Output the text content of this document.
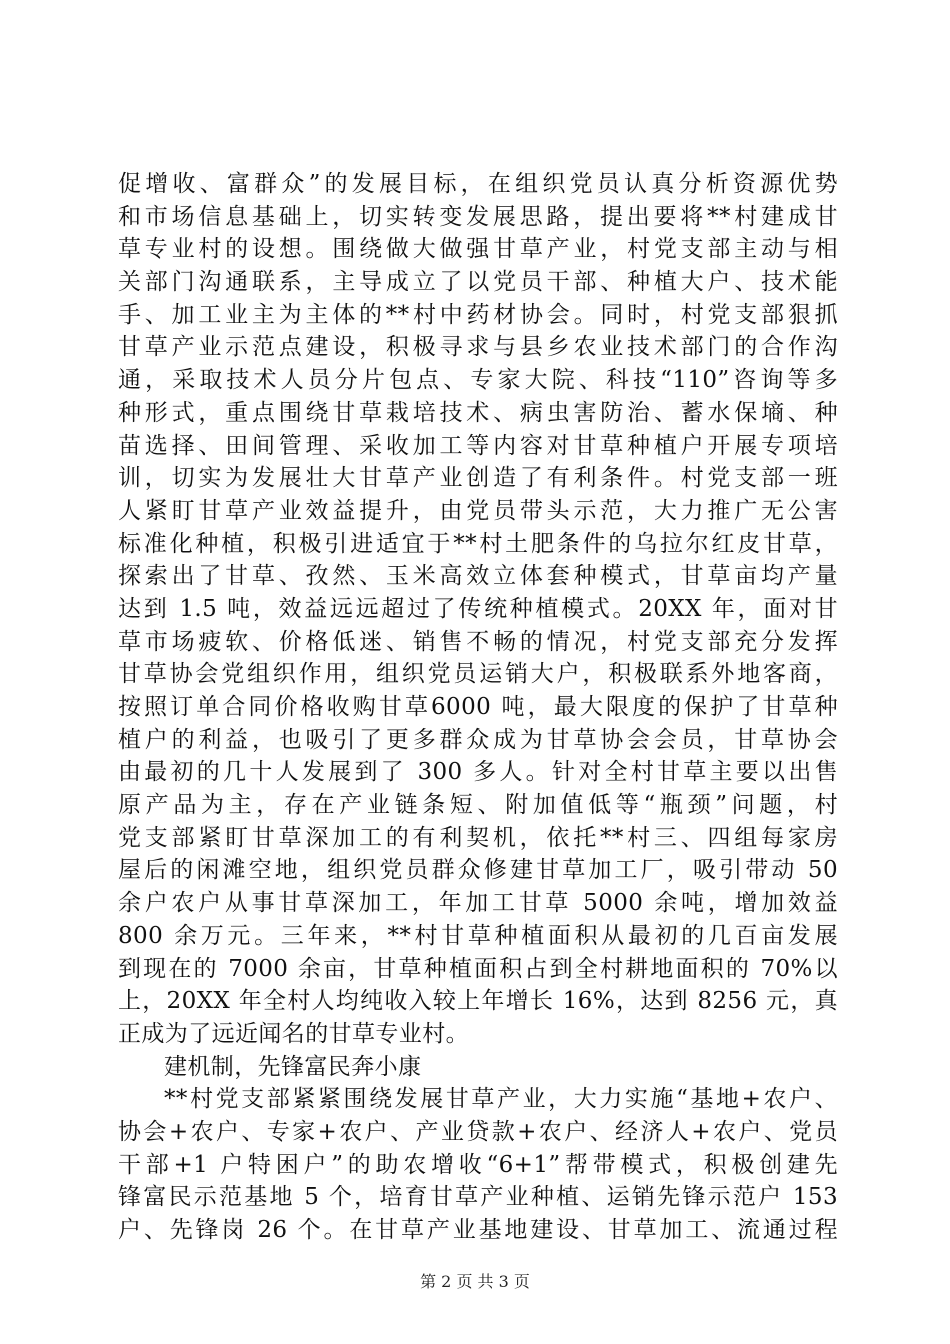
促增收、富群众”的发展目标，在组织党员认真分析资源优势
和市场信息基础上，切实转变发展思路，提出要将**村建成甘
草专业村的设想。围绕做大做强甘草产业，村党支部主动与相
关部门沟通联系，主导成立了以党员干部、种植大户、技术能
手、加工业主为主体的**村中药材协会。同时，村党支部狠抓
甘草产业示范点建设，积极寻求与县乡农业技术部门的合作沟
通，采取技术人员分片包点、专家大院、科技“110”咨询等多
种形式，重点围绕甘草栽培技术、病虫害防治、蓄水保墒、种
苗选择、田间管理、采收加工等内容对甘草种植户开展专项培
训，切实为发展壮大甘草产业创造了有利条件。村党支部一班
人紧盯甘草产业效益提升，由党员带头示范，大力推广无公害
标准化种植，积极引进适宜于**村土肥条件的乌拉尔红皮甘草，
探索出了甘草、孜然、玉米高效立体套种模式，甘草亩均产量
达到 1.5 吨，效益远远超过了传统种植模式。20XX 年，面对甘
草市场疲软、价格低迷、销售不畅的情况，村党支部充分发挥
甘草协会党组织作用，组织党员运销大户，积极联系外地客商，
按照订单合同价格收购甘草6000 吨，最大限度的保护了甘草种
植户的利益，也吸引了更多群众成为甘草协会会员，甘草协会
由最初的几十人发展到了 300 多人。针对全村甘草主要以出售
原产品为主，存在产业链条短、附加值低等“瓶颈”问题，村
党支部紧盯甘草深加工的有利契机，依托**村三、四组每家房
屋后的闲滩空地，组织党员群众修建甘草加工厂，吸引带动 50
余户农户从事甘草深加工，年加工甘草 5000 余吨，增加效益
800 余万元。三年来，**村甘草种植面积从最初的几百亩发展
到现在的 7000 余亩，甘草种植面积占到全村耕地面积的 70%以
上，20XX 年全村人均纯收入较上年增长 16%，达到 8256 元，真
正成为了远近闻名的甘草专业村。
建机制，先锋富民奔小康
**村党支部紧紧围绕发展甘草产业，大力实施“基地+农户、
协会+农户、专家+农户、产业贷款+农户、经济人+农户、党员
干部+1 户特困户”的助农增收“6+1”帮带模式，积极创建先
锋富民示范基地 5 个，培育甘草产业种植、运销先锋示范户 153
户、先锋岗 26 个。在甘草产业基地建设、甘草加工、流通过程
第 2 页 共 3 页
